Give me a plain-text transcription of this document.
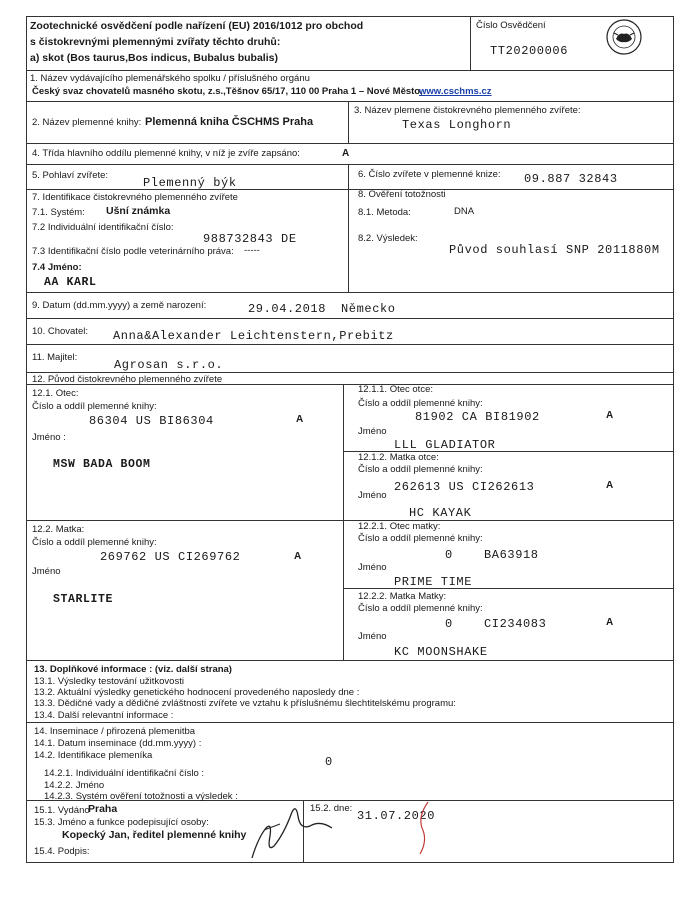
Zootechnické osvědčení podle nařízení (EU) 2016/1012 pro obchod
s čistokrevnými plemennými zvířaty těchto druhů:
a) skot (Bos taurus,Bos indicus, Bubalus bubalis)
Číslo Osvědčení
TT20200006
1. Název vydávajícího plemenářského spolku / příslušného orgánu
Český svaz chovatelů masného skotu, z.s.,Těšnov 65/17, 110 00 Praha 1 – Nové Město,
www.cschms.cz
2. Název plemenné knihy: Plemenná kniha ČSCHMS Praha
3. Název plemene čistokrevného plemenného zvířete:
Texas Longhorn
4. Třída hlavního oddílu plemenné knihy, v níž je zvíře zapsáno:	A
5. Pohlaví zvířete:
Plemenný býk
6. Číslo zvířete v plemenné knize: 09.887 32843
7. Identifikace čistokrevného plemenného zvířete
7.1. Systém: Ušní známka
7.2 Individuální identifikační číslo:
988732843 DE
7.3 Identifikační číslo podle veterinárního práva: -----
7.4 Jméno:
AA KARL
8. Ověření totožnosti
8.1. Metoda:	DNA
8.2. Výsledek:
Původ souhlasí SNP 2011880M
9. Datum (dd.mm.yyyy) a země narození:	29.04.2018 Německo
10. Chovatel: Anna&Alexander Leichtenstern,Prebitz
11. Majitel:
Agrosan s.r.o.
12. Původ čistokrevného plemenného zvířete
12.1. Otec:
Číslo a oddíl plemenné knihy:
86304 US BI86304	A
Jméno :
MSW BADA BOOM
12.1.1. Otec otce:
Číslo a oddíl plemenné knihy:
81902 CA BI81902	A
Jméno
LLL GLADIATOR
12.1.2. Matka otce:
Číslo a oddíl plemenné knihy:
262613 US CI262613	A
Jméno
HC KAYAK
12.2. Matka:
Číslo a oddíl plemenné knihy:
269762 US CI269762	A
Jméno
STARLITE
12.2.1. Otec matky:
Číslo a oddíl plemenné knihy:
0	BA63918
Jméno
PRIME TIME
12.2.2. Matka Matky:
Číslo a oddíl plemenné knihy:
0	CI234083	A
Jméno
KC MOONSHAKE
13. Doplňkové informace : (viz. další strana)
13.1. Výsledky testování užitkovosti
13.2. Aktuální výsledky genetického hodnocení provedeného naposledy dne :
13.3. Dědičné vady a dědičné zvláštnosti zvířete ve vztahu k příslušnému šlechtitelskému programu:
13.4. Další relevantní informace :
14. Inseminace / přirozená plemenitba
14.1. Datum inseminace (dd.mm.yyyy) :
14.2. Identifikace plemeníka	0
14.2.1. Individuální identifikační číslo :
14.2.2. Jméno
14.2.3. Systém ověření totožnosti a výsledek :
15.1. Vydáno
Praha	15.2. dne:
31.07.2020
15.3. Jméno a funkce podepisující osoby:
Kopecký Jan, ředitel plemenné knihy
15.4. Podpis:
